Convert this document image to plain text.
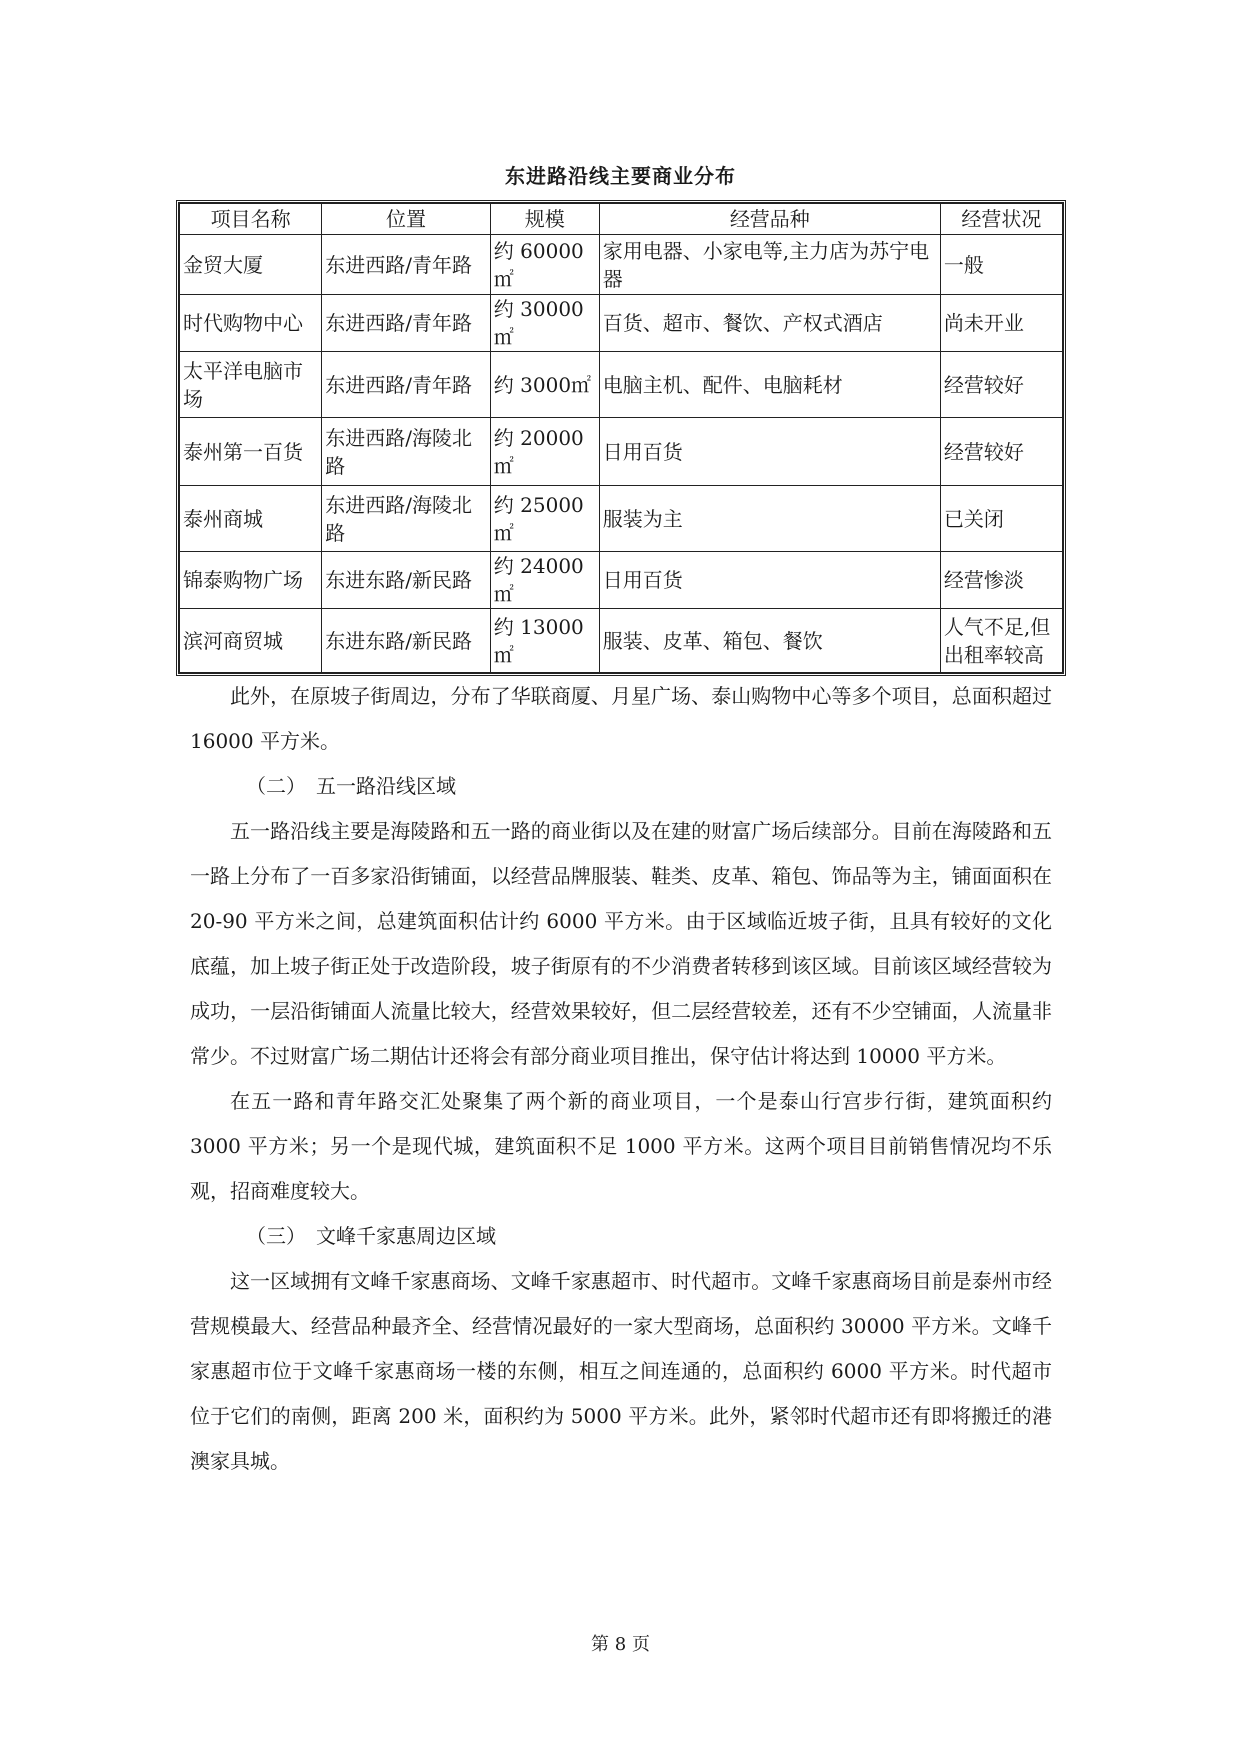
东进路沿线主要商业分布
项目名称	位置	规模	经营品种	经营状况
金贸大厦	东进西路/青年路	约 60000㎡	家用电器、小家电等,主力店为苏宁电器	一般
时代购物中心	东进西路/青年路	约 30000㎡	百货、超市、餐饮、产权式酒店	尚未开业
太平洋电脑市场	东进西路/青年路	约 3000㎡	电脑主机、配件、电脑耗材	经营较好
泰州第一百货	东进西路/海陵北路	约 20000㎡	日用百货	经营较好
泰州商城	东进西路/海陵北路	约 25000㎡	服装为主	已关闭
锦泰购物广场	东进东路/新民路	约 24000㎡	日用百货	经营惨淡
滨河商贸城	东进东路/新民路	约 13000㎡	服装、皮革、箱包、餐饮	人气不足,但出租率较高

此外，在原坡子街周边，分布了华联商厦、月星广场、泰山购物中心等多个项目，总面积超过 16000 平方米。

（二）　五一路沿线区域

五一路沿线主要是海陵路和五一路的商业街以及在建的财富广场后续部分。目前在海陵路和五一路上分布了一百多家沿街铺面，以经营品牌服装、鞋类、皮革、箱包、饰品等为主，铺面面积在 20-90 平方米之间，总建筑面积估计约 6000 平方米。由于区域临近坡子街，且具有较好的文化底蕴，加上坡子街正处于改造阶段，坡子街原有的不少消费者转移到该区域。目前该区域经营较为成功，一层沿街铺面人流量比较大，经营效果较好，但二层经营较差，还有不少空铺面，人流量非常少。不过财富广场二期估计还将会有部分商业项目推出，保守估计将达到 10000 平方米。

在五一路和青年路交汇处聚集了两个新的商业项目，一个是泰山行宫步行街，建筑面积约 3000 平方米；另一个是现代城，建筑面积不足 1000 平方米。这两个项目目前销售情况均不乐观，招商难度较大。

（三）　文峰千家惠周边区域

这一区域拥有文峰千家惠商场、文峰千家惠超市、时代超市。文峰千家惠商场目前是泰州市经营规模最大、经营品种最齐全、经营情况最好的一家大型商场，总面积约 30000 平方米。文峰千家惠超市位于文峰千家惠商场一楼的东侧，相互之间连通的，总面积约 6000 平方米。时代超市位于它们的南侧，距离 200 米，面积约为 5000 平方米。此外，紧邻时代超市还有即将搬迁的港澳家具城。

第 8 页
